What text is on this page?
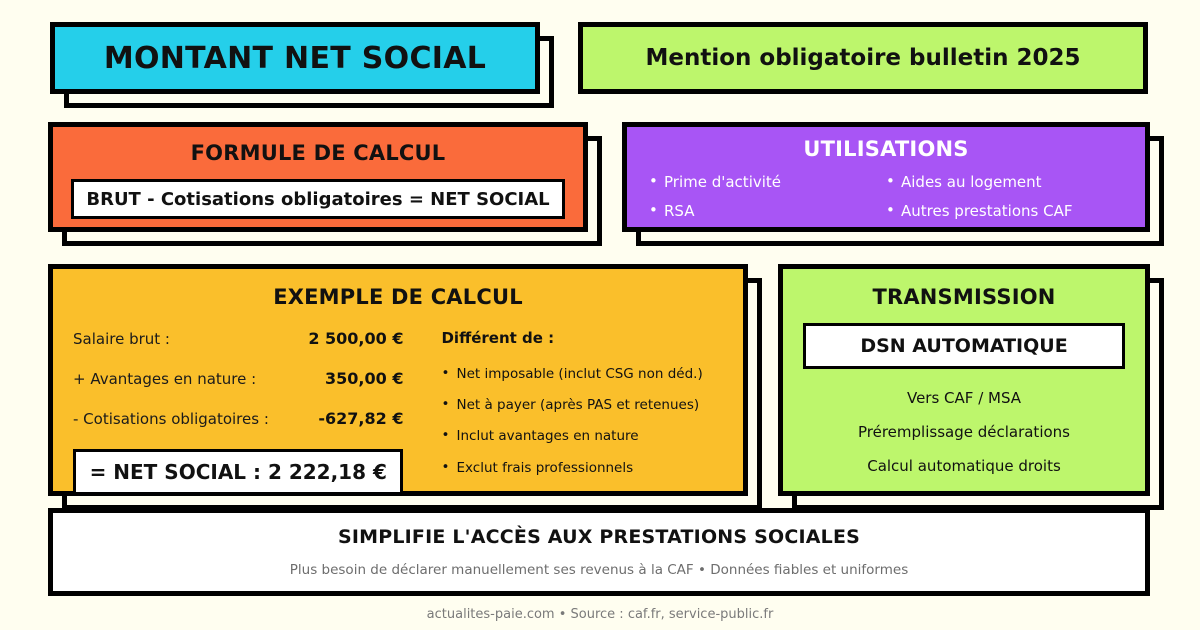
MONTANT NET SOCIAL	Mention obligatoire bulletin 2025
FORMULE DE CALCUL
BRUT - Cotisations obligatoires = NET SOCIAL
UTILISATIONS
• Prime d'activité
• RSA
• Aides au logement
• Autres prestations CAF
EXEMPLE DE CALCUL
Salaire brut :	2 500,00 €
+ Avantages en nature :	350,00 €
- Cotisations obligatoires :	-627,82 €
= NET SOCIAL : 2 222,18 €
Différent de :
• Net imposable (inclut CSG non déd.)
• Net à payer (après PAS et retenues)
• Inclut avantages en nature
• Exclut frais professionnels
TRANSMISSION
DSN AUTOMATIQUE
Vers CAF / MSA
Préremplissage déclarations
Calcul automatique droits
SIMPLIFIE L'ACCÈS AUX PRESTATIONS SOCIALES
Plus besoin de déclarer manuellement ses revenus à la CAF • Données fiables et uniformes
actualites-paie.com • Source : caf.fr, service-public.fr
